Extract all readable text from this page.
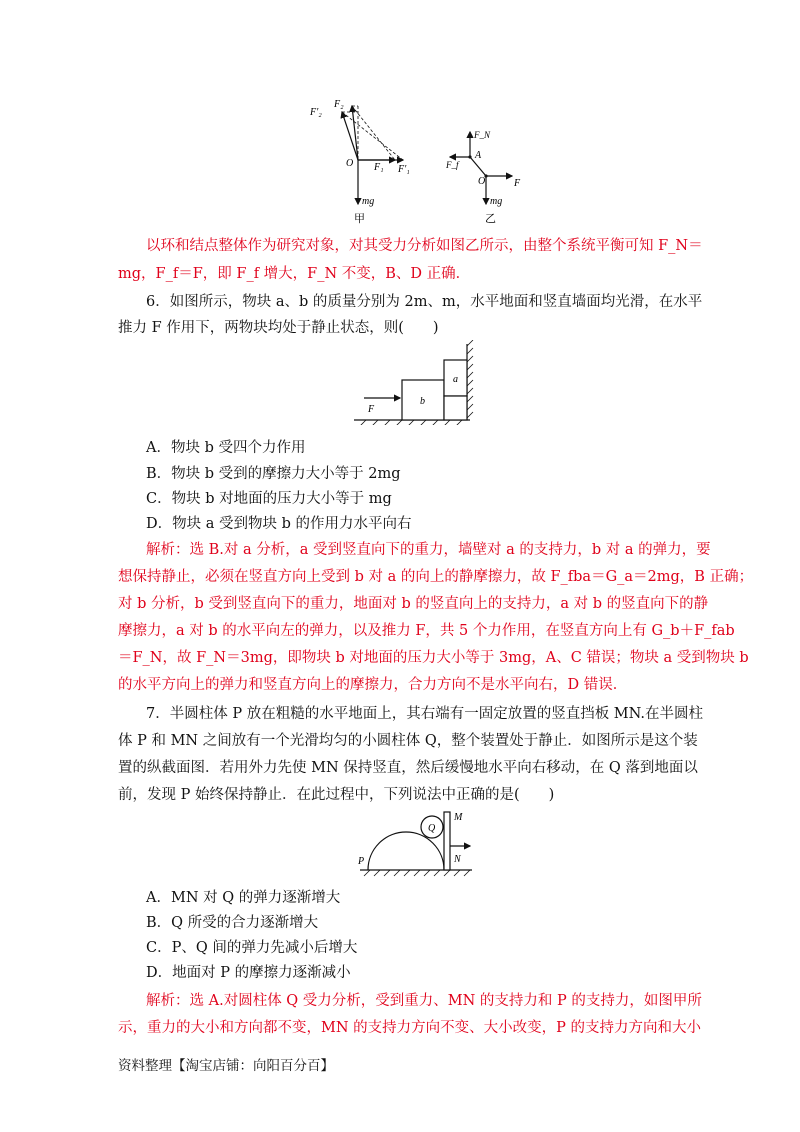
F′₂
F₂
O F₁ F′₁
mg
甲
F_N
A
F_f
O	F
mg
乙
以环和结点整体作为研究对象，对其受力分析如图乙所示，由整个系统平衡可知 F_N＝
mg，F_f＝F，即 F_f 增大，F_N 不变，B、D 正确．
6．如图所示，物块 a、b 的质量分别为 2m、m，水平地面和竖直墙面均光滑，在水平
推力 F 作用下，两物块均处于静止状态，则(　　)
F
b
a
A．物块 b 受四个力作用
B．物块 b 受到的摩擦力大小等于 2mg
C．物块 b 对地面的压力大小等于 mg
D．物块 a 受到物块 b 的作用力水平向右
解析：选 B.对 a 分析，a 受到竖直向下的重力，墙壁对 a 的支持力，b 对 a 的弹力，要
想保持静止，必须在竖直方向上受到 b 对 a 的向上的静摩擦力，故 F_fba＝G_a＝2mg，B 正确；
对 b 分析，b 受到竖直向下的重力，地面对 b 的竖直向上的支持力，a 对 b 的竖直向下的静
摩擦力，a 对 b 的水平向左的弹力，以及推力 F，共 5 个力作用，在竖直方向上有 G_b＋F_fab
＝F_N，故 F_N＝3mg，即物块 b 对地面的压力大小等于 3mg，A、C 错误；物块 a 受到物块 b
的水平方向上的弹力和竖直方向上的摩擦力，合力方向不是水平向右，D 错误．
7．半圆柱体 P 放在粗糙的水平地面上，其右端有一固定放置的竖直挡板 MN.在半圆柱
体 P 和 MN 之间放有一个光滑均匀的小圆柱体 Q，整个装置处于静止．如图所示是这个装
置的纵截面图．若用外力先使 MN 保持竖直，然后缓慢地水平向右移动，在 Q 落到地面以
前，发现 P 始终保持静止．在此过程中，下列说法中正确的是(　　)
Q
M
P	N
A．MN 对 Q 的弹力逐渐增大
B．Q 所受的合力逐渐增大
C．P、Q 间的弹力先减小后增大
D．地面对 P 的摩擦力逐渐减小
解析：选 A.对圆柱体 Q 受力分析，受到重力、MN 的支持力和 P 的支持力，如图甲所
示，重力的大小和方向都不变，MN 的支持力方向不变、大小改变，P 的支持力方向和大小
资料整理【淘宝店铺：向阳百分百】
